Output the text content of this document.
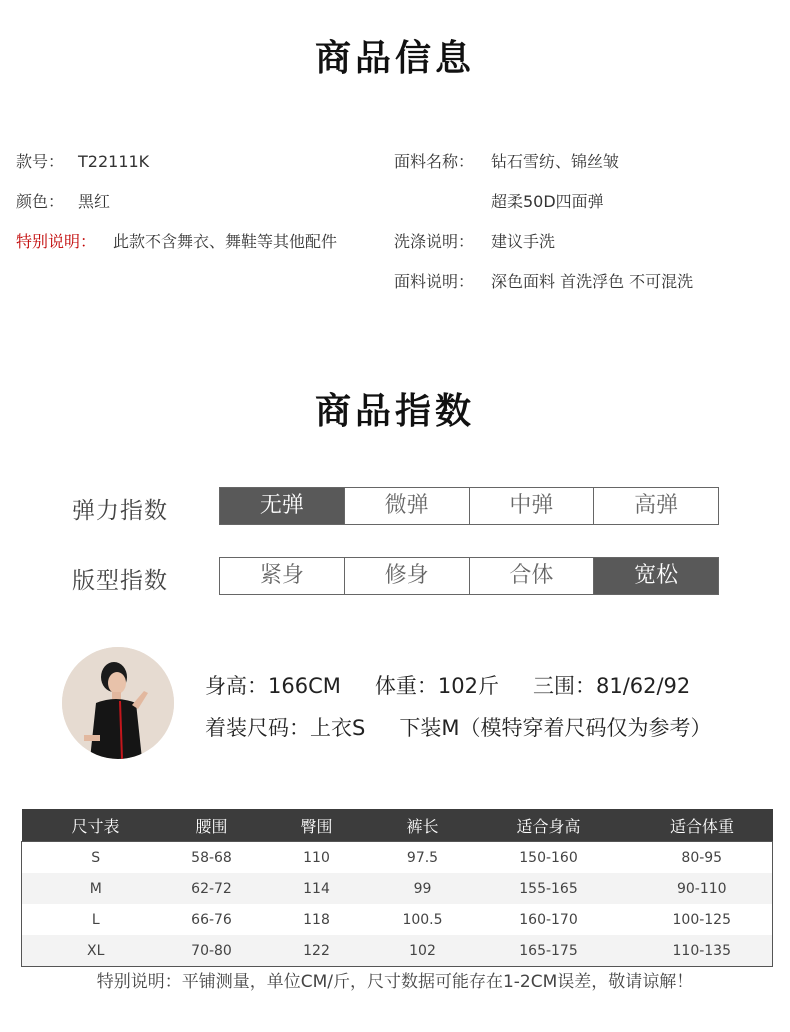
商品信息
款号： T22111K
颜色： 黑红
特别说明： 此款不含舞衣、舞鞋等其他配件
面料名称： 钻石雪纺、锦丝皱
超柔50D四面弹
洗涤说明： 建议手洗
面料说明： 深色面料 首洗浮色 不可混洗
商品指数
弹力指数	无弹	微弹	中弹	高弹
版型指数	紧身	修身	合体	宽松
身高：166CM 体重：102斤 三围：81/62/92
着装尺码：上衣S 下装M（模特穿着尺码仅为参考）
尺寸表	腰围	臀围	裤长	适合身高	适合体重
S	58-68	110	97.5	150-160	80-95
M	62-72	114	99	155-165	90-110
L	66-76	118	100.5	160-170	100-125
XL	70-80	122	102	165-175	110-135
特别说明：平铺测量，单位CM/斤，尺寸数据可能存在1-2CM误差，敬请谅解！
